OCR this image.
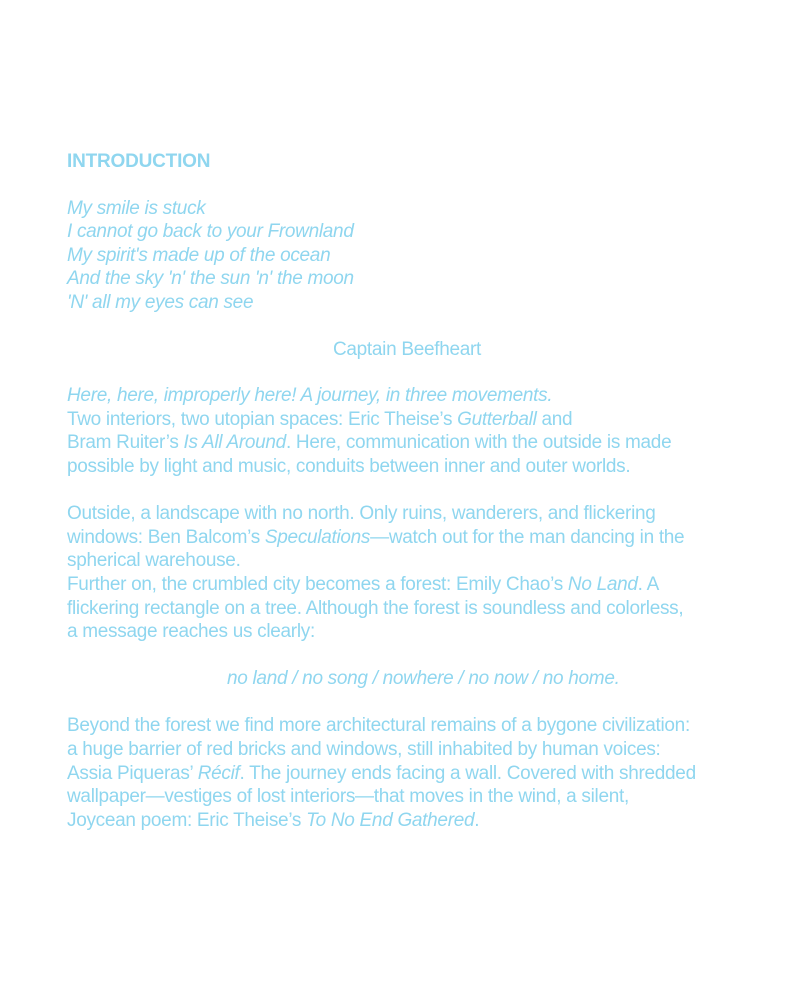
INTRODUCTION
My smile is stuck
I cannot go back to your Frownland
My spirit's made up of the ocean
And the sky 'n' the sun 'n' the moon
'N' all my eyes can see
Captain Beefheart
Here, here, improperly here! A journey, in three movements.
Two interiors, two utopian spaces: Eric Theise’s Gutterball and
Bram Ruiter’s Is All Around. Here, communication with the outside is made
possible by light and music, conduits between inner and outer worlds.
Outside, a landscape with no north. Only ruins, wanderers, and flickering
windows: Ben Balcom’s Speculations—watch out for the man dancing in the
spherical warehouse.
Further on, the crumbled city becomes a forest: Emily Chao’s No Land. A
flickering rectangle on a tree. Although the forest is soundless and colorless,
a message reaches us clearly:
no land / no song / nowhere / no now / no home.
Beyond the forest we find more architectural remains of a bygone civilization:
a huge barrier of red bricks and windows, still inhabited by human voices:
Assia Piqueras’ Récif. The journey ends facing a wall. Covered with shredded
wallpaper—vestiges of lost interiors—that moves in the wind, a silent,
Joycean poem: Eric Theise’s To No End Gathered.
